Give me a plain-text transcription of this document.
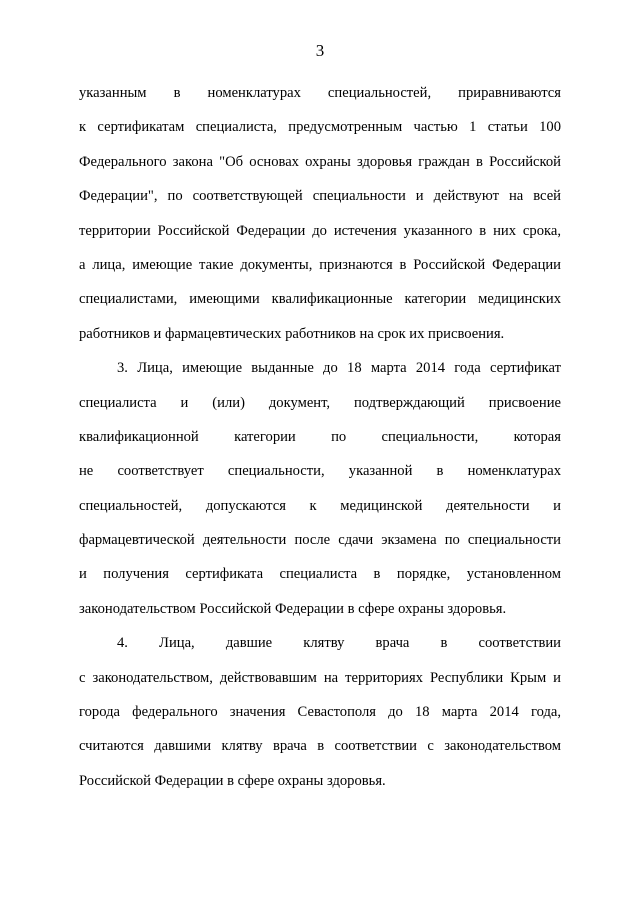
3
указанным в номенклатурах специальностей, приравниваются
к сертификатам специалиста, предусмотренным частью 1 статьи 100
Федерального закона "Об основах охраны здоровья граждан в Российской
Федерации", по соответствующей специальности и действуют на всей
территории Российской Федерации до истечения указанного в них срока,
а лица, имеющие такие документы, признаются в Российской Федерации
специалистами, имеющими квалификационные категории медицинских
работников и фармацевтических работников на срок их присвоения.
3. Лица, имеющие выданные до 18 марта 2014 года сертификат
специалиста и (или) документ, подтверждающий присвоение
квалификационной категории по специальности, которая
не соответствует специальности, указанной в номенклатурах
специальностей, допускаются к медицинской деятельности и
фармацевтической деятельности после сдачи экзамена по специальности
и получения сертификата специалиста в порядке, установленном
законодательством Российской Федерации в сфере охраны здоровья.
4. Лица, давшие клятву врача в соответствии
с законодательством, действовавшим на территориях Республики Крым и
города федерального значения Севастополя до 18 марта 2014 года,
считаются давшими клятву врача в соответствии с законодательством
Российской Федерации в сфере охраны здоровья.
